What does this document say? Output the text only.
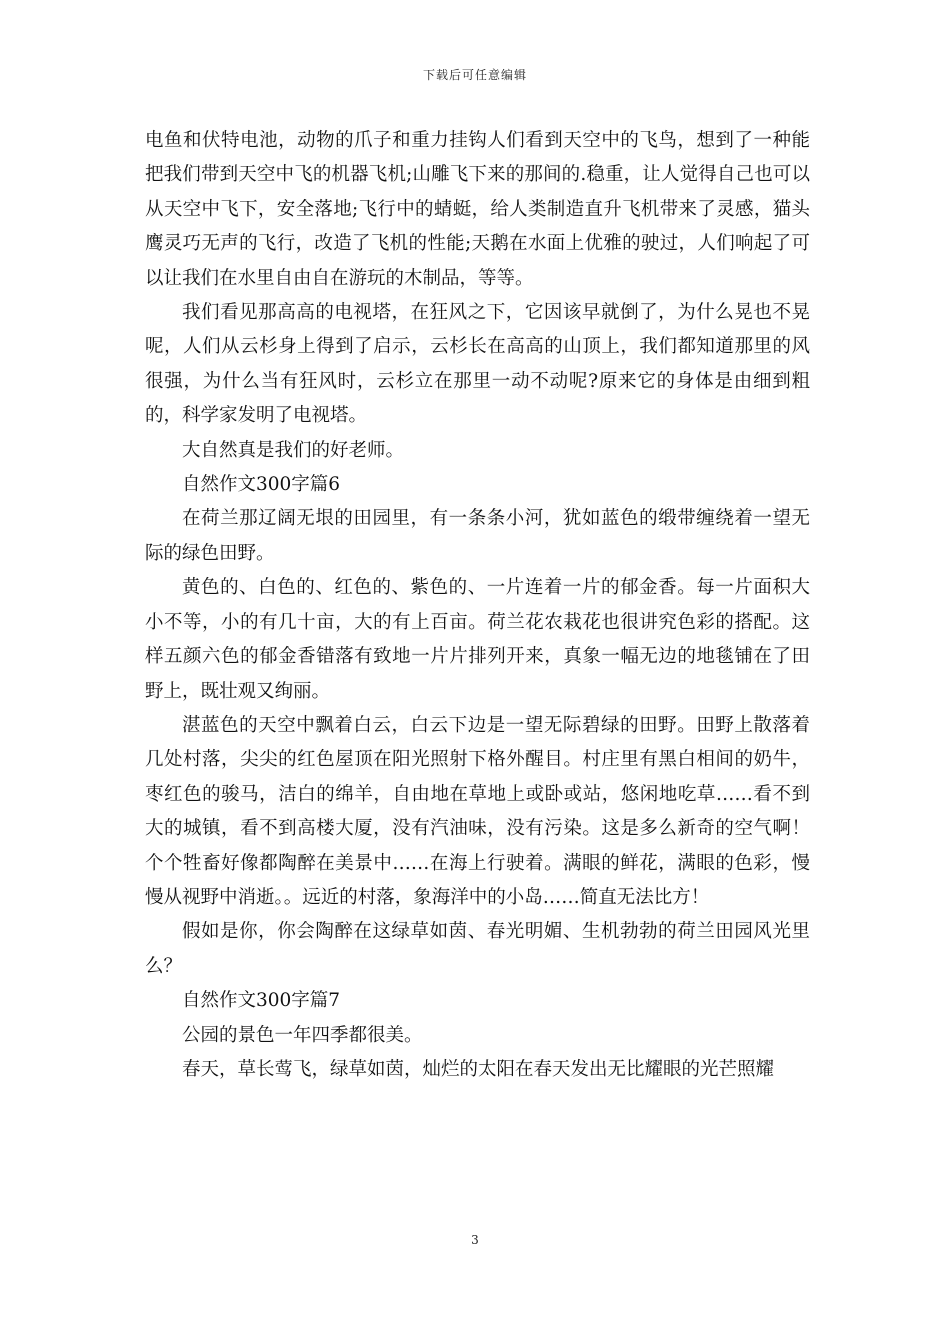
下载后可任意编辑

电鱼和伏特电池，动物的爪子和重力挂钩人们看到天空中的飞鸟，想到了一种能把我们带到天空中飞的机器飞机;山雕飞下来的那间的.稳重，让人觉得自己也可以从天空中飞下，安全落地;飞行中的蜻蜓，给人类制造直升飞机带来了灵感，猫头鹰灵巧无声的飞行，改造了飞机的性能;天鹅在水面上优雅的驶过，人们响起了可以让我们在水里自由自在游玩的木制品，等等。

我们看见那高高的电视塔，在狂风之下，它因该早就倒了，为什么晃也不晃呢，人们从云杉身上得到了启示，云杉长在高高的山顶上，我们都知道那里的风很强，为什么当有狂风时，云杉立在那里一动不动呢?原来它的身体是由细到粗的，科学家发明了电视塔。

大自然真是我们的好老师。

自然作文300字篇6

在荷兰那辽阔无垠的田园里，有一条条小河，犹如蓝色的缎带缠绕着一望无际的绿色田野。

黄色的、白色的、红色的、紫色的、一片连着一片的郁金香。每一片面积大小不等，小的有几十亩，大的有上百亩。荷兰花农栽花也很讲究色彩的搭配。这样五颜六色的郁金香错落有致地一片片排列开来，真象一幅无边的地毯铺在了田野上，既壮观又绚丽。

湛蓝色的天空中飘着白云，白云下边是一望无际碧绿的田野。田野上散落着几处村落，尖尖的红色屋顶在阳光照射下格外醒目。村庄里有黑白相间的奶牛，枣红色的骏马，洁白的绵羊，自由地在草地上或卧或站，悠闲地吃草……看不到大的城镇，看不到高楼大厦，没有汽油味，没有污染。这是多么新奇的空气啊！个个牲畜好像都陶醉在美景中……在海上行驶着。满眼的鲜花，满眼的色彩，慢慢从视野中消逝。。远近的村落，象海洋中的小岛……简直无法比方！

假如是你，你会陶醉在这绿草如茵、春光明媚、生机勃勃的荷兰田园风光里么？

自然作文300字篇7

公园的景色一年四季都很美。

春天，草长莺飞，绿草如茵，灿烂的太阳在春天发出无比耀眼的光芒照耀

3
